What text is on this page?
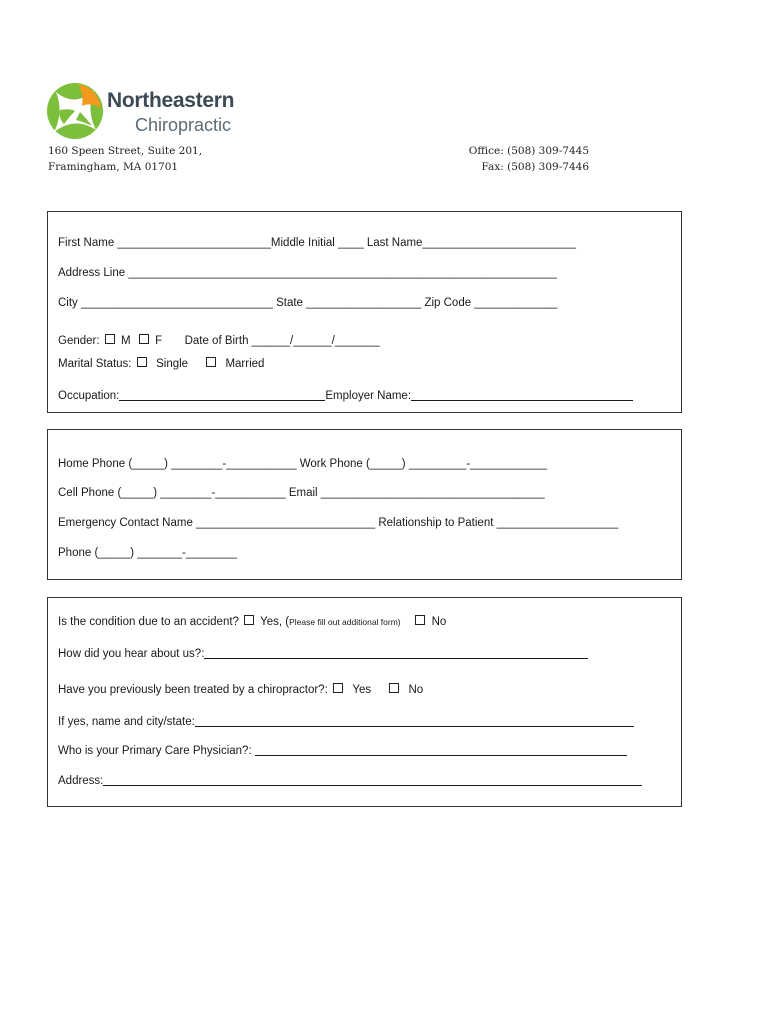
Northeastern
Chiropractic
160 Speen Street, Suite 201,
Framingham, MA 01701
Office: (508) 309-7445
Fax: (508) 309-7446
First Name ________________________Middle Initial ____ Last Name________________________
Address Line ___________________________________________________________________
City ______________________________ State __________________ Zip Code _____________
Gender: M F Date of Birth ______/______/_______
Marital Status: Single	Married
Occupation:	Employer Name:
Home Phone (_____) ________-___________ Work Phone (_____) _________-____________
Cell Phone (_____) ________-___________ Email ___________________________________
Emergency Contact Name ____________________________ Relationship to Patient ___________________
Phone (_____) _______-________
Is the condition due to an accident? Yes, (Please fill out additional form)	No
How did you hear about us?:
Have you previously been treated by a chiropractor?: Yes	No
If yes, name and city/state:
Who is your Primary Care Physician?:
Address:
